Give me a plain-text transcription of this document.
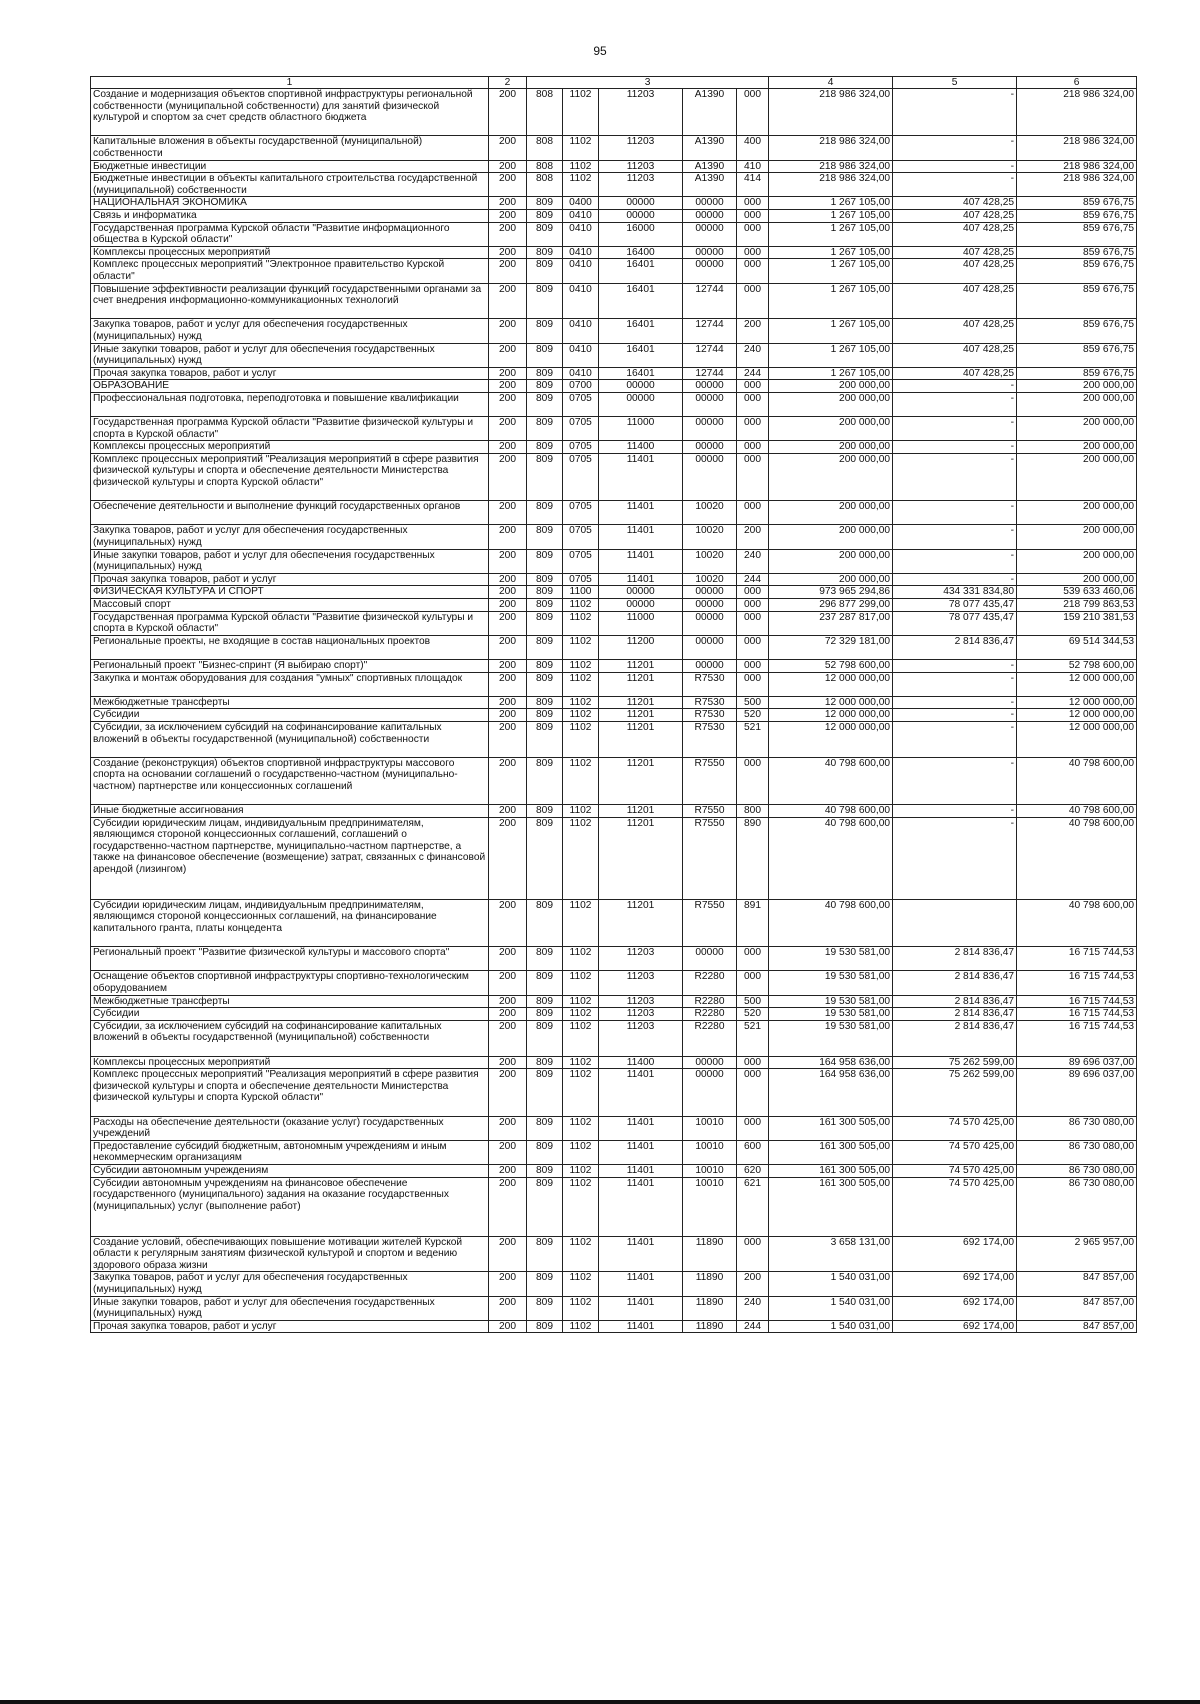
95
1	2	3					4	5	6
Создание и модернизация объектов спортивной инфраструктуры региональной собственности (муниципальной собственности) для занятий физической культурой и спортом за счет средств областного бюджета	200	808	1102	11203	A1390	000	218 986 324,00	-	218 986 324,00
Капитальные вложения в объекты государственной (муниципальной) собственности	200	808	1102	11203	A1390	400	218 986 324,00	-	218 986 324,00
Бюджетные инвестиции	200	808	1102	11203	A1390	410	218 986 324,00	-	218 986 324,00
Бюджетные инвестиции в объекты капитального строительства государственной (муниципальной) собственности	200	808	1102	11203	A1390	414	218 986 324,00	-	218 986 324,00
НАЦИОНАЛЬНАЯ ЭКОНОМИКА	200	809	0400	00000	00000	000	1 267 105,00	407 428,25	859 676,75
Связь и информатика	200	809	0410	00000	00000	000	1 267 105,00	407 428,25	859 676,75
Государственная программа Курской области "Развитие информационного общества в Курской области"	200	809	0410	16000	00000	000	1 267 105,00	407 428,25	859 676,75
Комплексы процессных мероприятий	200	809	0410	16400	00000	000	1 267 105,00	407 428,25	859 676,75
Комплекс процессных мероприятий "Электронное правительство Курской области"	200	809	0410	16401	00000	000	1 267 105,00	407 428,25	859 676,75
Повышение эффективности реализации функций государственными органами за счет внедрения информационно-коммуникационных технологий	200	809	0410	16401	12744	000	1 267 105,00	407 428,25	859 676,75
Закупка товаров, работ и услуг для обеспечения государственных (муниципальных) нужд	200	809	0410	16401	12744	200	1 267 105,00	407 428,25	859 676,75
Иные закупки товаров, работ и услуг для обеспечения государственных (муниципальных) нужд	200	809	0410	16401	12744	240	1 267 105,00	407 428,25	859 676,75
Прочая закупка товаров, работ и услуг	200	809	0410	16401	12744	244	1 267 105,00	407 428,25	859 676,75
ОБРАЗОВАНИЕ	200	809	0700	00000	00000	000	200 000,00	-	200 000,00
Профессиональная подготовка, переподготовка и повышение квалификации	200	809	0705	00000	00000	000	200 000,00	-	200 000,00
Государственная программа Курской области "Развитие физической культуры и спорта в Курской области"	200	809	0705	11000	00000	000	200 000,00	-	200 000,00
Комплексы процессных мероприятий	200	809	0705	11400	00000	000	200 000,00	-	200 000,00
Комплекс процессных мероприятий "Реализация мероприятий в сфере развития физической культуры и спорта и обеспечение деятельности Министерства физической культуры и спорта Курской области"	200	809	0705	11401	00000	000	200 000,00	-	200 000,00
Обеспечение деятельности и выполнение функций государственных органов	200	809	0705	11401	10020	000	200 000,00	-	200 000,00
Закупка товаров, работ и услуг для обеспечения государственных (муниципальных) нужд	200	809	0705	11401	10020	200	200 000,00	-	200 000,00
Иные закупки товаров, работ и услуг для обеспечения государственных (муниципальных) нужд	200	809	0705	11401	10020	240	200 000,00	-	200 000,00
Прочая закупка товаров, работ и услуг	200	809	0705	11401	10020	244	200 000,00	-	200 000,00
ФИЗИЧЕСКАЯ КУЛЬТУРА И СПОРТ	200	809	1100	00000	00000	000	973 965 294,86	434 331 834,80	539 633 460,06
Массовый спорт	200	809	1102	00000	00000	000	296 877 299,00	78 077 435,47	218 799 863,53
Государственная программа Курской области "Развитие физической культуры и спорта в Курской области"	200	809	1102	11000	00000	000	237 287 817,00	78 077 435,47	159 210 381,53
Региональные проекты, не входящие в состав национальных проектов	200	809	1102	11200	00000	000	72 329 181,00	2 814 836,47	69 514 344,53
Региональный проект "Бизнес-спринт (Я выбираю спорт)"	200	809	1102	11201	00000	000	52 798 600,00	-	52 798 600,00
Закупка и монтаж оборудования для создания "умных" спортивных площадок	200	809	1102	11201	R7530	000	12 000 000,00	-	12 000 000,00
Межбюджетные трансферты	200	809	1102	11201	R7530	500	12 000 000,00	-	12 000 000,00
Субсидии	200	809	1102	11201	R7530	520	12 000 000,00	-	12 000 000,00
Субсидии, за исключением субсидий на софинансирование капитальных вложений в объекты государственной (муниципальной) собственности	200	809	1102	11201	R7530	521	12 000 000,00	-	12 000 000,00
Создание (реконструкция) объектов спортивной инфраструктуры массового спорта на основании соглашений о государственно-частном (муниципально-частном) партнерстве или концессионных соглашений	200	809	1102	11201	R7550	000	40 798 600,00	-	40 798 600,00
Иные бюджетные ассигнования	200	809	1102	11201	R7550	800	40 798 600,00	-	40 798 600,00
Субсидии юридическим лицам, индивидуальным предпринимателям, являющимся стороной концессионных соглашений, соглашений о государственно-частном партнерстве, муниципально-частном партнерстве, а также на финансовое обеспечение (возмещение) затрат, связанных с финансовой арендой (лизингом)	200	809	1102	11201	R7550	890	40 798 600,00	-	40 798 600,00
Субсидии юридическим лицам, индивидуальным предпринимателям, являющимся стороной концессионных соглашений, на финансирование капитального гранта, платы концедента	200	809	1102	11201	R7550	891	40 798 600,00		40 798 600,00
Региональный проект "Развитие физической культуры и массового спорта"	200	809	1102	11203	00000	000	19 530 581,00	2 814 836,47	16 715 744,53
Оснащение объектов спортивной инфраструктуры спортивно-технологическим оборудованием	200	809	1102	11203	R2280	000	19 530 581,00	2 814 836,47	16 715 744,53
Межбюджетные трансферты	200	809	1102	11203	R2280	500	19 530 581,00	2 814 836,47	16 715 744,53
Субсидии	200	809	1102	11203	R2280	520	19 530 581,00	2 814 836,47	16 715 744,53
Субсидии, за исключением субсидий на софинансирование капитальных вложений в объекты государственной (муниципальной) собственности	200	809	1102	11203	R2280	521	19 530 581,00	2 814 836,47	16 715 744,53
Комплексы процессных мероприятий	200	809	1102	11400	00000	000	164 958 636,00	75 262 599,00	89 696 037,00
Комплекс процессных мероприятий "Реализация мероприятий в сфере развития физической культуры и спорта и обеспечение деятельности Министерства физической культуры и спорта Курской области"	200	809	1102	11401	00000	000	164 958 636,00	75 262 599,00	89 696 037,00
Расходы на обеспечение деятельности (оказание услуг) государственных учреждений	200	809	1102	11401	10010	000	161 300 505,00	74 570 425,00	86 730 080,00
Предоставление субсидий бюджетным, автономным учреждениям и иным некоммерческим организациям	200	809	1102	11401	10010	600	161 300 505,00	74 570 425,00	86 730 080,00
Субсидии автономным учреждениям	200	809	1102	11401	10010	620	161 300 505,00	74 570 425,00	86 730 080,00
Субсидии автономным учреждениям на финансовое обеспечение государственного (муниципального) задания на оказание государственных (муниципальных) услуг (выполнение работ)	200	809	1102	11401	10010	621	161 300 505,00	74 570 425,00	86 730 080,00
Создание условий, обеспечивающих повышение мотивации жителей Курской области к регулярным занятиям физической культурой и спортом и ведению здорового образа жизни	200	809	1102	11401	11890	000	3 658 131,00	692 174,00	2 965 957,00
Закупка товаров, работ и услуг для обеспечения государственных (муниципальных) нужд	200	809	1102	11401	11890	200	1 540 031,00	692 174,00	847 857,00
Иные закупки товаров, работ и услуг для обеспечения государственных (муниципальных) нужд	200	809	1102	11401	11890	240	1 540 031,00	692 174,00	847 857,00
Прочая закупка товаров, работ и услуг	200	809	1102	11401	11890	244	1 540 031,00	692 174,00	847 857,00
